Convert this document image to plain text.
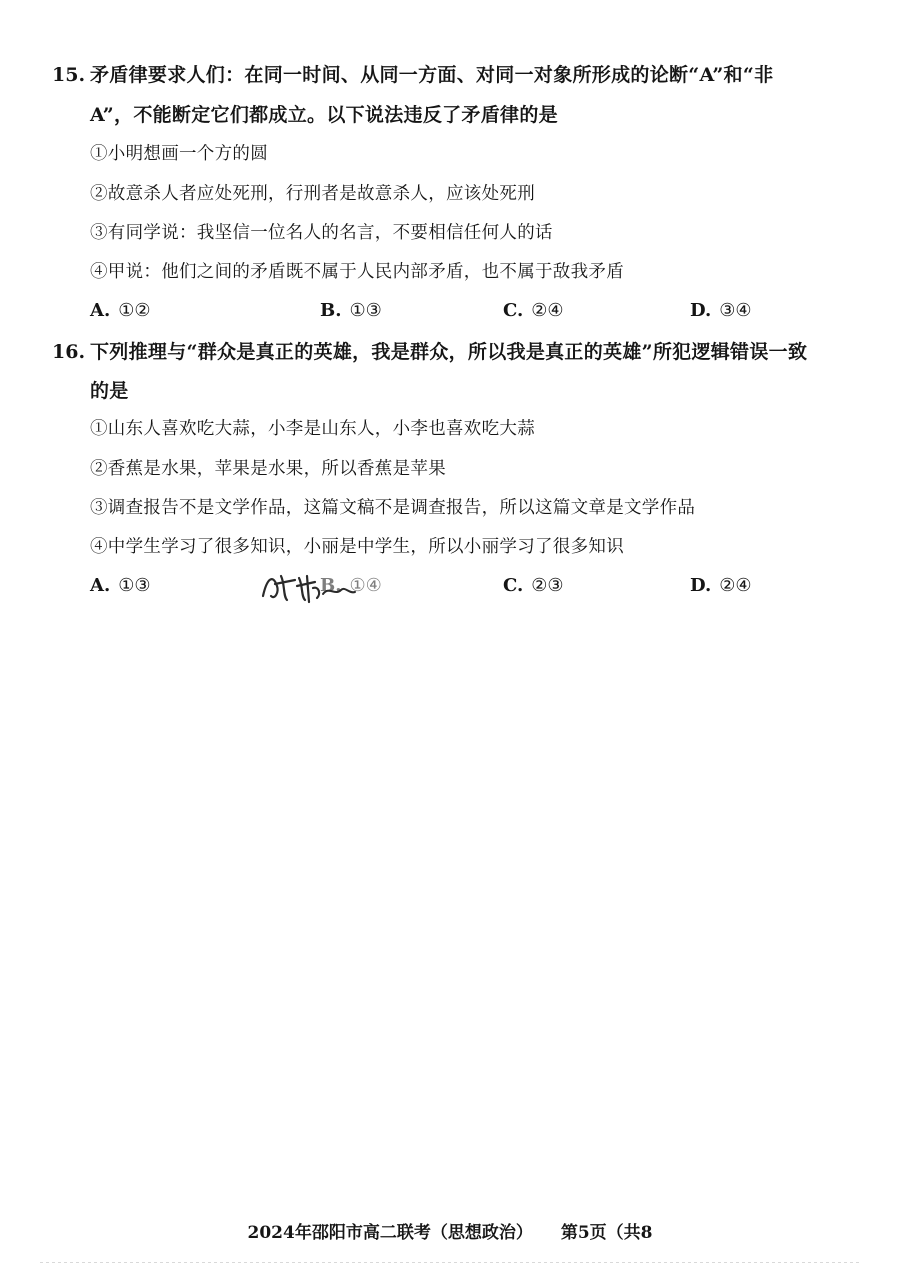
15. 矛盾律要求人们：在同一时间、从同一方面、对同一对象所形成的论断“A”和“非
A”，不能断定它们都成立。以下说法违反了矛盾律的是
①小明想画一个方的圆
②故意杀人者应处死刑，行刑者是故意杀人，应该处死刑
③有同学说：我坚信一位名人的名言，不要相信任何人的话
④甲说：他们之间的矛盾既不属于人民内部矛盾，也不属于敌我矛盾
A. ①②	B. ①③	C. ②④	D. ③④
16. 下列推理与“群众是真正的英雄，我是群众，所以我是真正的英雄”所犯逻辑错误一致
的是
①山东人喜欢吃大蒜，小李是山东人，小李也喜欢吃大蒜
②香蕉是水果，苹果是水果，所以香蕉是苹果
③调查报告不是文学作品，这篇文稿不是调查报告，所以这篇文章是文学作品
④中学生学习了很多知识，小丽是中学生，所以小丽学习了很多知识
A. ①③	B. ①④	C. ②③	D. ②④
2024年邵阳市高二联考（思想政治） 第5页（共8
